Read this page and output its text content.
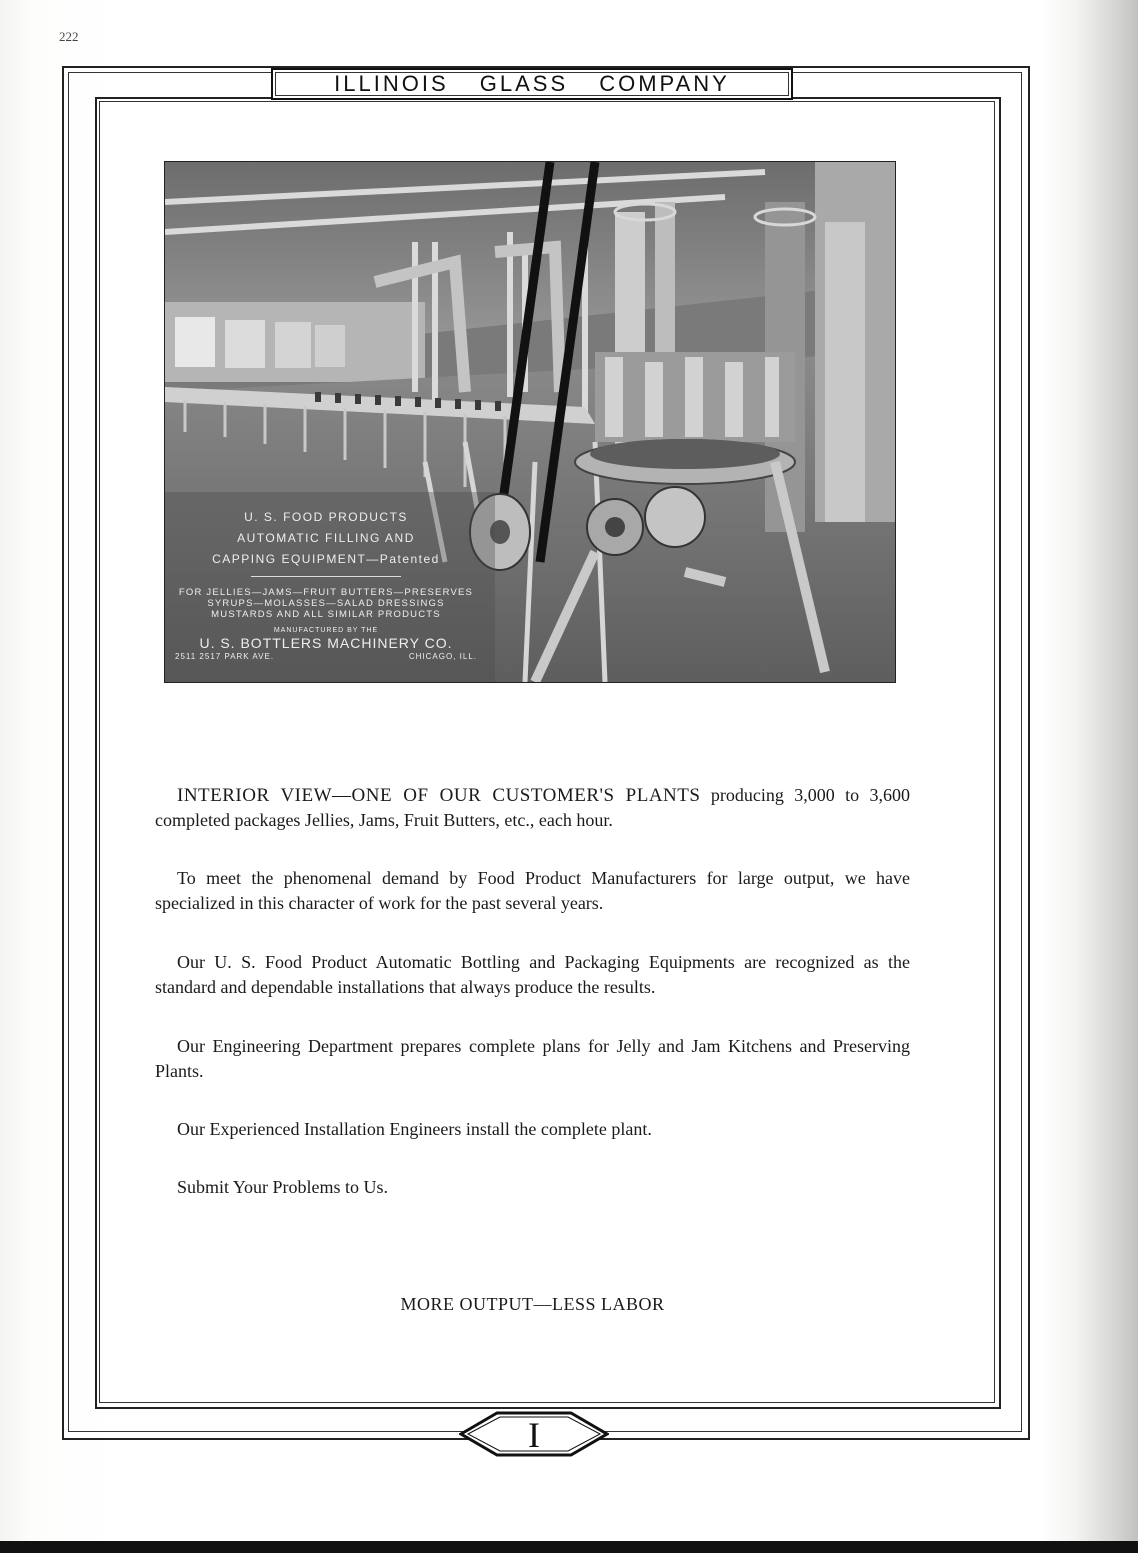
222
ILLINOIS GLASS COMPANY
U. S. FOOD PRODUCTS
AUTOMATIC FILLING AND
CAPPING EQUIPMENT—Patented
FOR JELLIES—JAMS—FRUIT BUTTERS—PRESERVES
SYRUPS—MOLASSES—SALAD DRESSINGS
MUSTARDS AND ALL SIMILAR PRODUCTS
MANUFACTURED BY THE
U. S. BOTTLERS MACHINERY CO.
2511 2517 PARK AVE.	CHICAGO, ILL.

INTERIOR VIEW—ONE OF OUR CUSTOMER'S PLANTS producing 3,000 to 3,600 completed packages Jellies, Jams, Fruit Butters, etc., each hour.

To meet the phenomenal demand by Food Product Manufacturers for large output, we have specialized in this character of work for the past several years.

Our U. S. Food Product Automatic Bottling and Packaging Equipments are recognized as the standard and dependable installations that always produce the results.

Our Engineering Department prepares complete plans for Jelly and Jam Kitchens and Preserving Plants.

Our Experienced Installation Engineers install the complete plant.

Submit Your Problems to Us.

MORE OUTPUT—LESS LABOR
I
